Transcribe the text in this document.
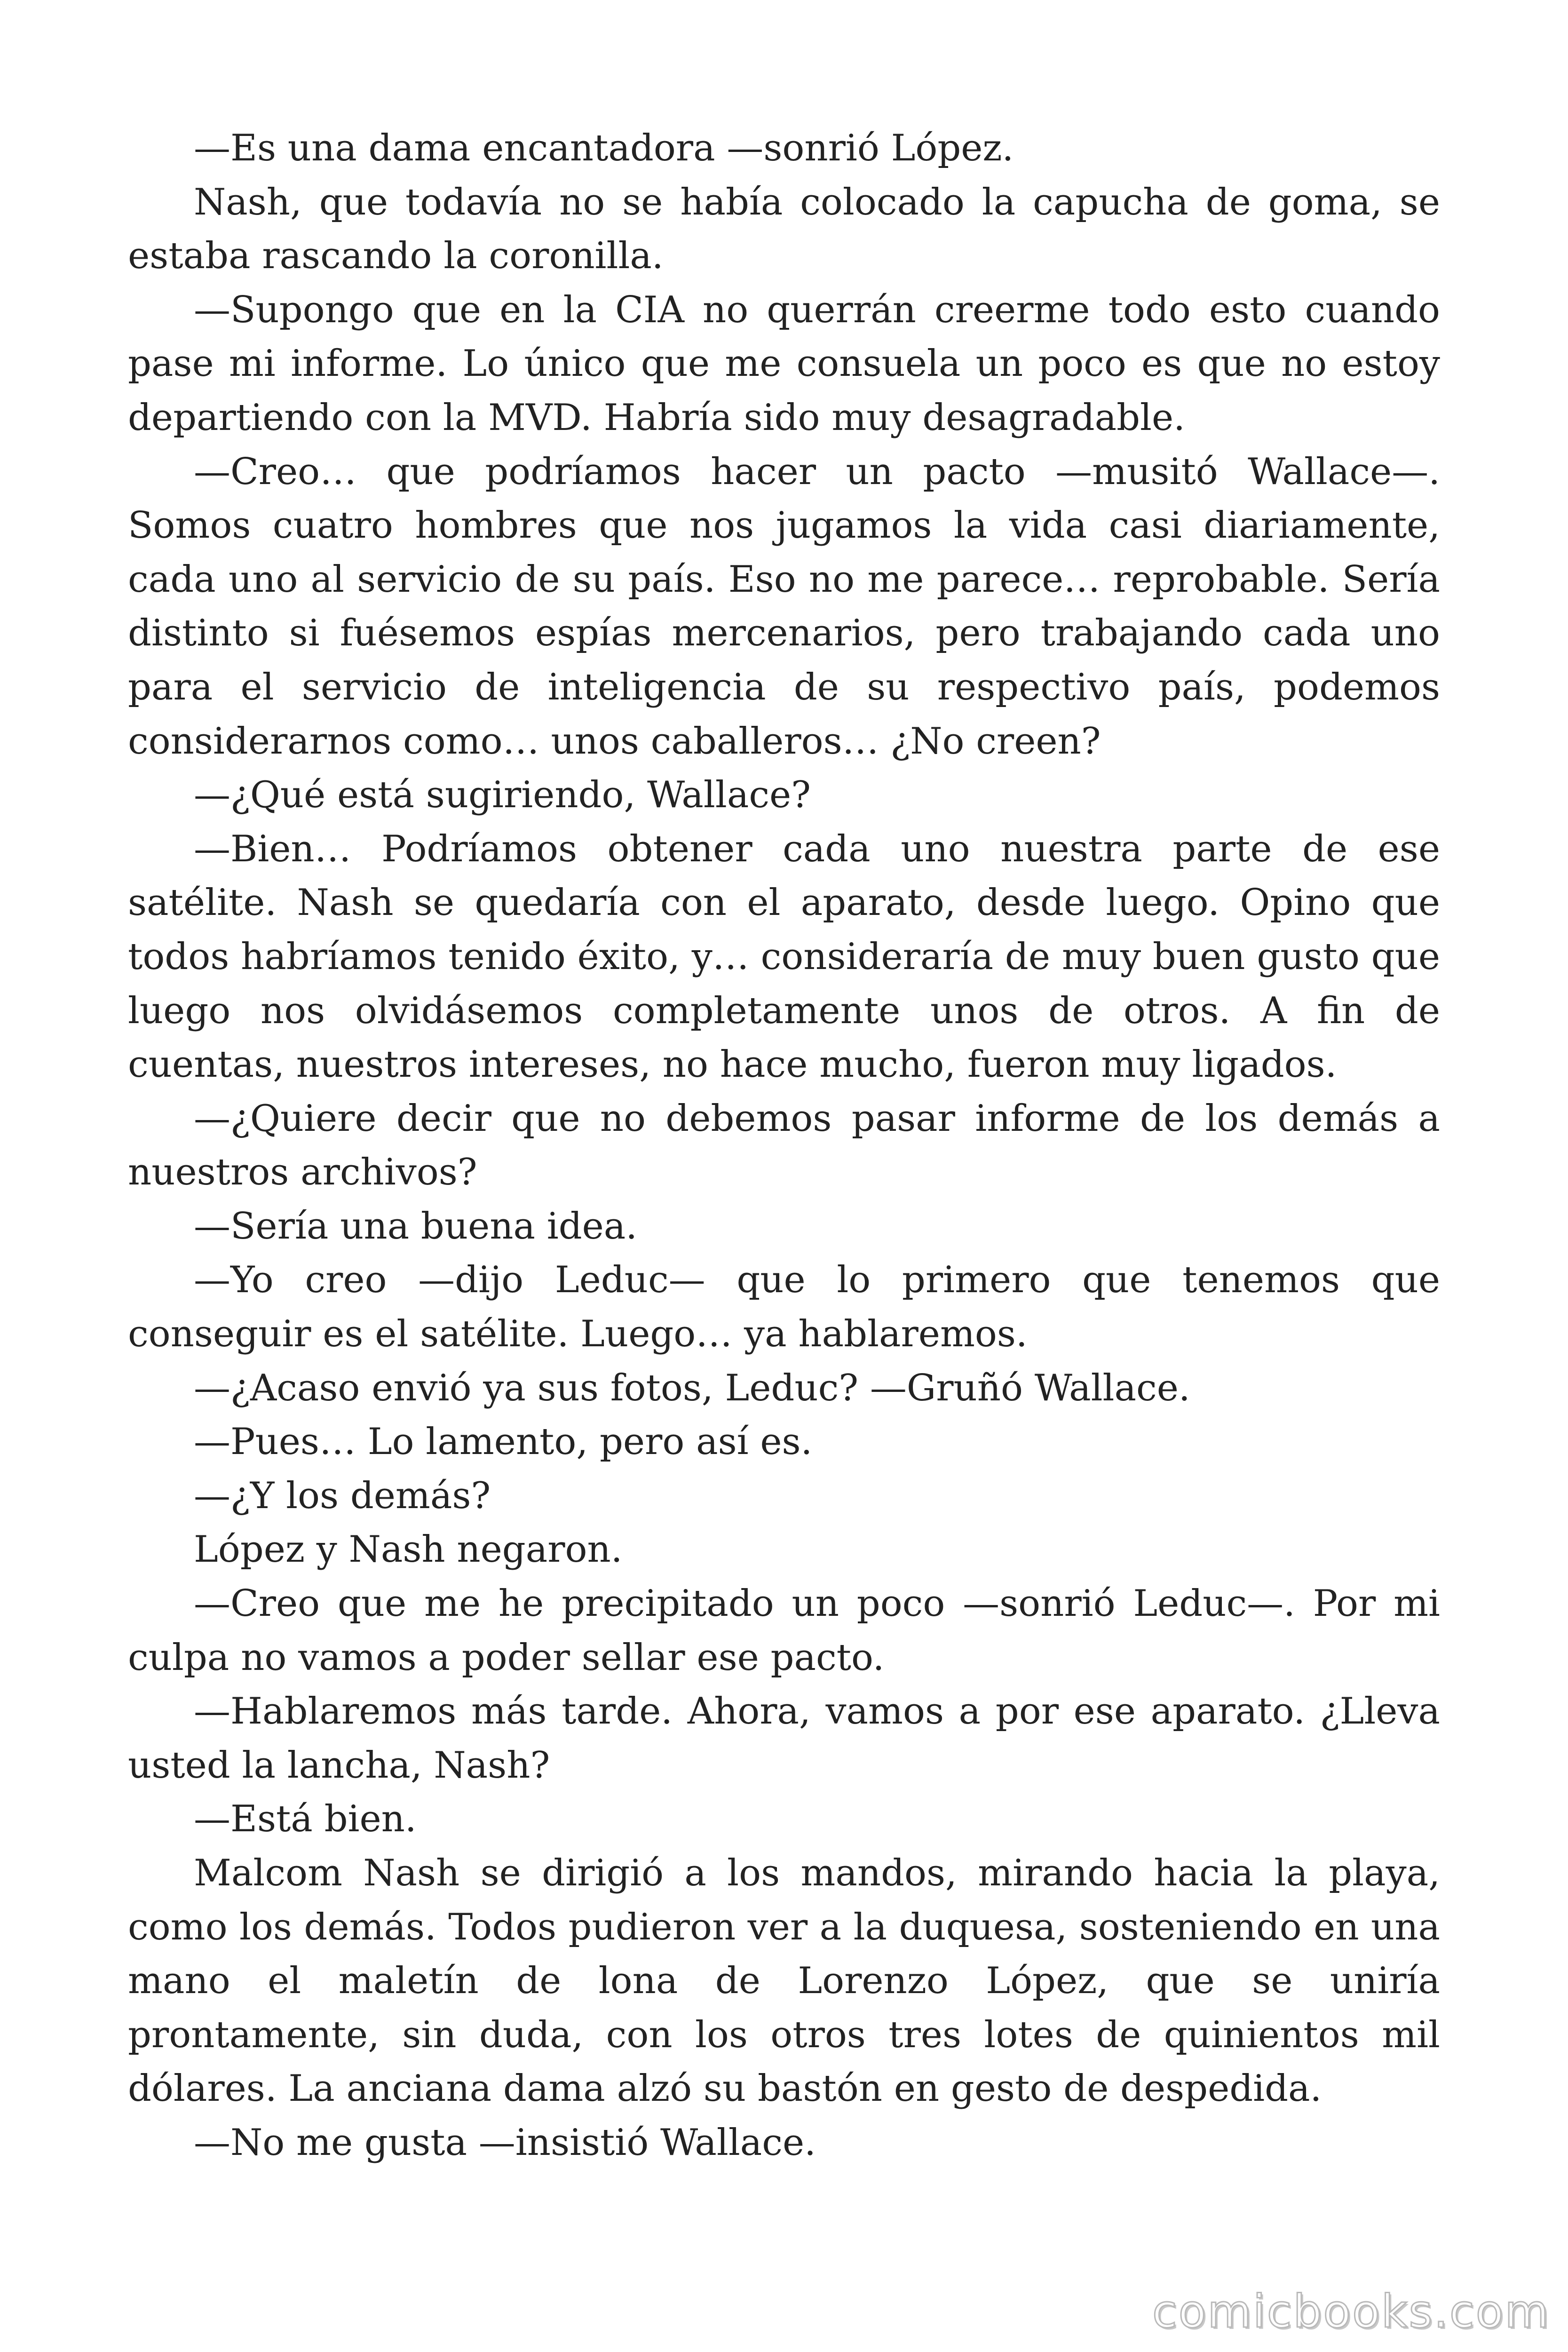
—Es una dama encantadora —sonrió López.

Nash, que todavía no se había colocado la capucha de goma, se estaba rascando la coronilla.

—Supongo que en la CIA no querrán creerme todo esto cuando pase mi informe. Lo único que me consuela un poco es que no estoy departiendo con la MVD. Habría sido muy desagradable.

—Creo… que podríamos hacer un pacto —musitó Wallace—. Somos cuatro hombres que nos jugamos la vida casi diariamente, cada uno al servicio de su país. Eso no me parece… reprobable. Sería distinto si fuésemos espías mercenarios, pero trabajando cada uno para el servicio de inteligencia de su respectivo país, podemos considerarnos como… unos caballeros… ¿No creen?

—¿Qué está sugiriendo, Wallace?

—Bien… Podríamos obtener cada uno nuestra parte de ese satélite. Nash se quedaría con el aparato, desde luego. Opino que todos habríamos tenido éxito, y… consideraría de muy buen gusto que luego nos olvidásemos completamente unos de otros. A fin de cuentas, nuestros intereses, no hace mucho, fueron muy ligados.

—¿Quiere decir que no debemos pasar informe de los demás a nuestros archivos?

—Sería una buena idea.

—Yo creo —dijo Leduc— que lo primero que tenemos que conseguir es el satélite. Luego… ya hablaremos.

—¿Acaso envió ya sus fotos, Leduc? —Gruñó Wallace.

—Pues… Lo lamento, pero así es.

—¿Y los demás?

López y Nash negaron.

—Creo que me he precipitado un poco —sonrió Leduc—. Por mi culpa no vamos a poder sellar ese pacto.

—Hablaremos más tarde. Ahora, vamos a por ese aparato. ¿Lleva usted la lancha, Nash?

—Está bien.

Malcom Nash se dirigió a los mandos, mirando hacia la playa, como los demás. Todos pudieron ver a la duquesa, sosteniendo en una mano el maletín de lona de Lorenzo López, que se uniría prontamente, sin duda, con los otros tres lotes de quinientos mil dólares. La anciana dama alzó su bastón en gesto de despedida.

—No me gusta —insistió Wallace.

comicbooks.com
